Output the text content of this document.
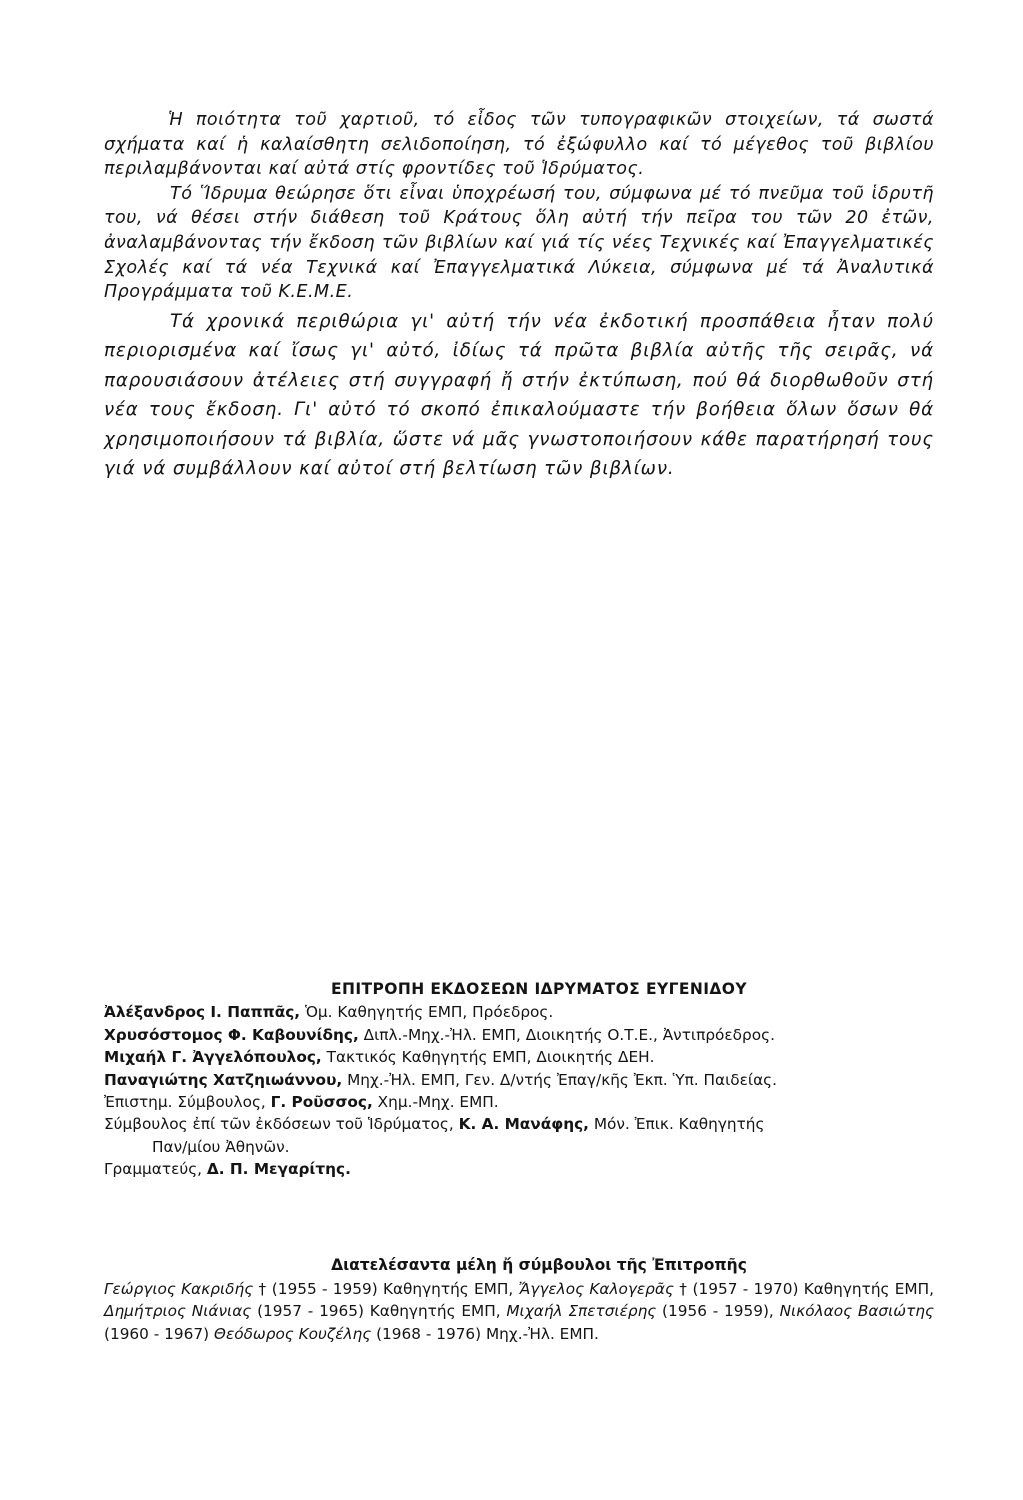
Ἡ ποιότητα τοῦ χαρτιοῦ, τό εἶδος τῶν τυπογραφικῶν στοιχείων, τά σωστά σχήματα καί ἡ καλαίσθητη σελιδοποίηση, τό ἐξώφυλλο καί τό μέγεθος τοῦ βιβλίου περιλαμβάνονται καί αὐτά στίς φροντίδες τοῦ Ἱδρύματος.

Τό Ἵδρυμα θεώρησε ὅτι εἶναι ὑποχρέωσή του, σύμφωνα μέ τό πνεῦμα τοῦ ἱδρυτῆ του, νά θέσει στήν διάθεση τοῦ Κράτους ὅλη αὐτή τήν πεῖρα του τῶν 20 ἐτῶν, ἀναλαμβάνοντας τήν ἔκδοση τῶν βιβλίων καί γιά τίς νέες Τεχνικές καί Ἐπαγγελματικές Σχολές καί τά νέα Τεχνικά καί Ἐπαγγελματικά Λύκεια, σύμφωνα μέ τά Ἀναλυτικά Προγράμματα τοῦ Κ.Ε.Μ.Ε.

Τά χρονικά περιθώρια γι' αὐτή τήν νέα ἐκδοτική προσπάθεια ἦταν πολύ περιορισμένα καί ἴσως γι' αὐτό, ἰδίως τά πρῶτα βιβλία αὐτῆς τῆς σειρᾶς, νά παρουσιάσουν ἀτέλειες στή συγγραφή ἤ στήν ἐκτύπωση, πού θά διορθωθοῦν στή νέα τους ἔκδοση. Γι' αὐτό τό σκοπό ἐπικαλούμαστε τήν βοήθεια ὅλων ὅσων θά χρησιμοποιήσουν τά βιβλία, ὥστε νά μᾶς γνωστοποιήσουν κάθε παρατήρησή τους γιά νά συμβάλλουν καί αὐτοί στή βελτίωση τῶν βιβλίων.

ΕΠΙΤΡΟΠΗ ΕΚΔΟΣΕΩΝ ΙΔΡΥΜΑΤΟΣ ΕΥΓΕΝΙΔΟΥ

Ἀλέξανδρος Ι. Παππᾶς, Ὁμ. Καθηγητής ΕΜΠ, Πρόεδρος.

Χρυσόστομος Φ. Καβουνίδης, Διπλ.-Μηχ.-Ἠλ. ΕΜΠ, Διοικητής Ο.Τ.Ε., Ἀντιπρόεδρος.

Μιχαήλ Γ. Ἀγγελόπουλος, Τακτικός Καθηγητής ΕΜΠ, Διοικητής ΔΕΗ.

Παναγιώτης Χατζηιωάννου, Μηχ.-Ἠλ. ΕΜΠ, Γεν. Δ/ντής Ἐπαγ/κῆς Ἐκπ. Ὑπ. Παιδείας.

Ἐπιστημ. Σύμβουλος, Γ. Ροῦσσος, Χημ.-Μηχ. ΕΜΠ.

Σύμβουλος ἐπί τῶν ἐκδόσεων τοῦ Ἱδρύματος, Κ. Α. Μανάφης, Μόν. Ἐπικ. Καθηγητής

Παν/μίου Ἀθηνῶν.

Γραμματεύς, Δ. Π. Μεγαρίτης.

Διατελέσαντα μέλη ἤ σύμβουλοι τῆς Ἐπιτροπῆς

Γεώργιος Κακριδής † (1955 - 1959) Καθηγητής ΕΜΠ, Ἄγγελος Καλογερᾶς † (1957 - 1970) Καθηγητής ΕΜΠ, Δημήτριος Νιάνιας (1957 - 1965) Καθηγητής ΕΜΠ, Μιχαήλ Σπετσιέρης (1956 - 1959), Νικόλαος Βασιώτης (1960 - 1967) Θεόδωρος Κουζέλης (1968 - 1976) Μηχ.-Ἠλ. ΕΜΠ.
